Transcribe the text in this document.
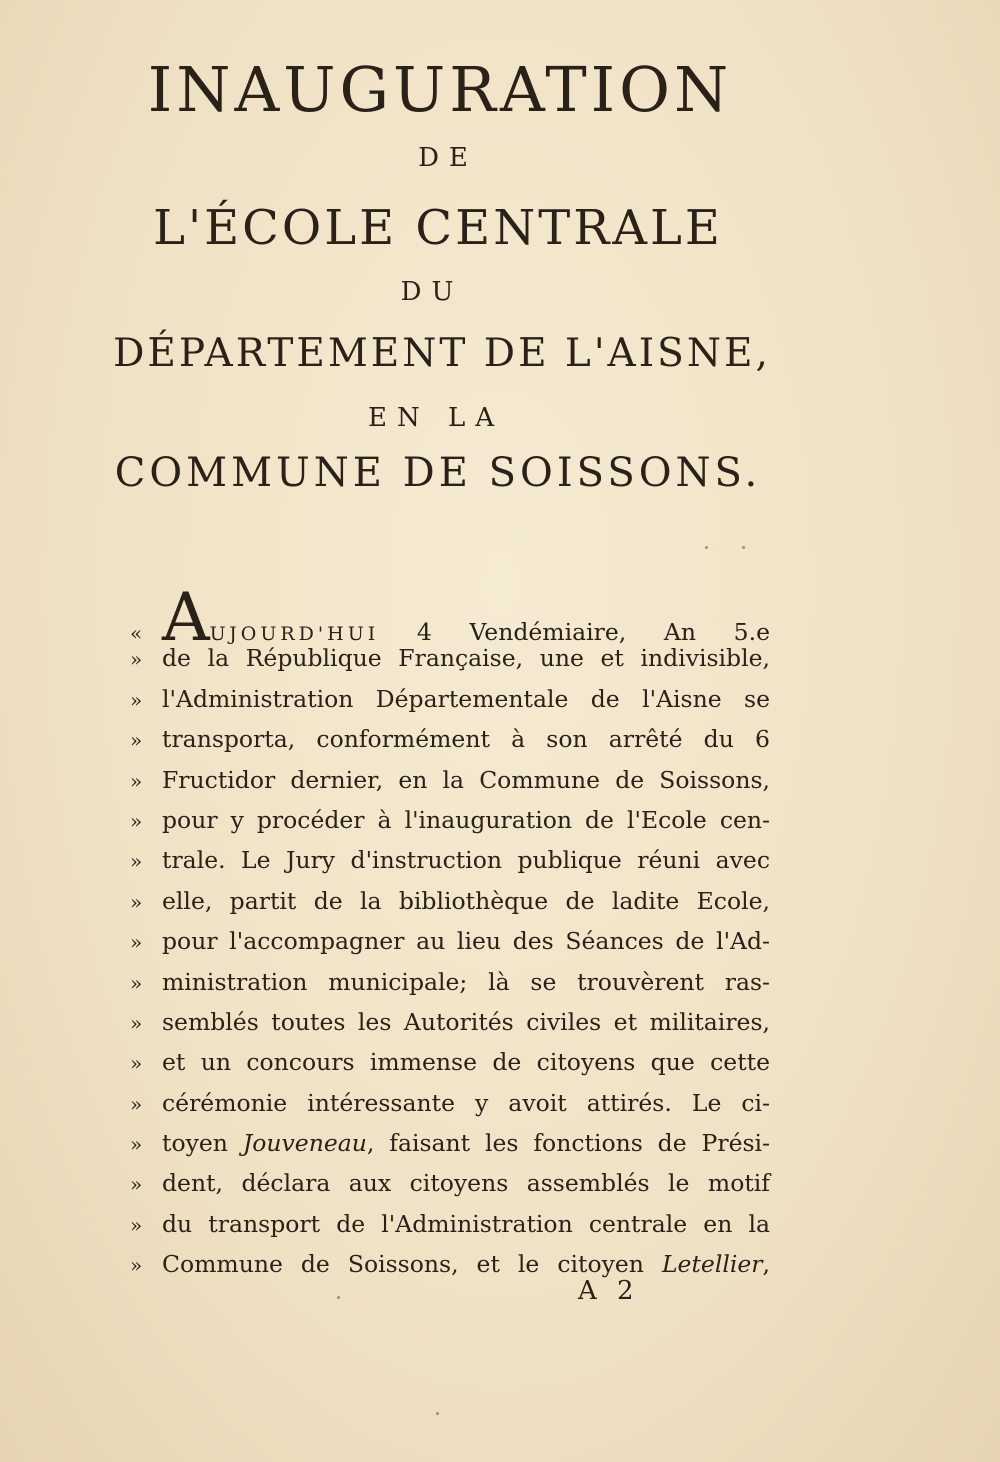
INAUGURATION
DE
L'ÉCOLE CENTRALE
DU
DÉPARTEMENT DE L'AISNE,
EN LA
COMMUNE DE SOISSONS.
« AUJOURD'HUI 4 Vendémiaire, An 5.e
» de la République Française, une et indivisible,
» l'Administration Départementale de l'Aisne se
» transporta, conformément à son arrêté du 6
» Fructidor dernier, en la Commune de Soissons,
» pour y procéder à l'inauguration de l'Ecole cen-
» trale. Le Jury d'instruction publique réuni avec
» elle, partit de la bibliothèque de ladite Ecole,
» pour l'accompagner au lieu des Séances de l'Ad-
» ministration municipale; là se trouvèrent ras-
» semblés toutes les Autorités civiles et militaires,
» et un concours immense de citoyens que cette
» cérémonie intéressante y avoit attirés. Le ci-
» toyen Jouveneau, faisant les fonctions de Prési-
» dent, déclara aux citoyens assemblés le motif
» du transport de l'Administration centrale en la
» Commune de Soissons, et le citoyen Letellier,
A 2
